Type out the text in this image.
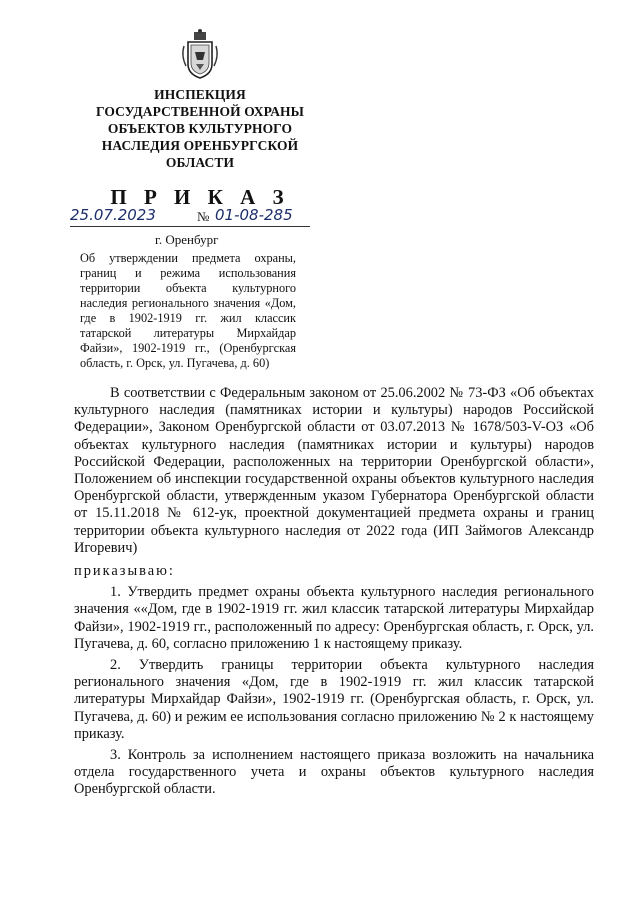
ИНСПЕКЦИЯ
ГОСУДАРСТВЕННОЙ ОХРАНЫ
ОБЪЕКТОВ КУЛЬТУРНОГО
НАСЛЕДИЯ ОРЕНБУРГСКОЙ
ОБЛАСТИ
П Р И К А З
25.07.2023	№ 01-08-285
г. Оренбург
Об утверждении предмета охраны, границ и режима использования территории объекта культурного наследия регионального значения «Дом, где в 1902-1919 гг. жил классик татарской литературы Мирхайдар Файзи», 1902-1919 гг., (Оренбургская область, г. Орск, ул. Пугачева, д. 60)

В соответствии с Федеральным законом от 25.06.2002 № 73-ФЗ «Об объектах культурного наследия (памятниках истории и культуры) народов Российской Федерации», Законом Оренбургской области от 03.07.2013 № 1678/503-V-ОЗ «Об объектах культурного наследия (памятниках истории и культуры) народов Российской Федерации, расположенных на территории Оренбургской области», Положением об инспекции государственной охраны объектов культурного наследия Оренбургской области, утвержденным указом Губернатора Оренбургской области от 15.11.2018 № 612-ук, проектной документацией предмета охраны и границ территории объекта культурного наследия от 2022 года (ИП Займогов Александр Игоревич)

приказываю:

1. Утвердить предмет охраны объекта культурного наследия регионального значения ««Дом, где в 1902-1919 гг. жил классик татарской литературы Мирхайдар Файзи», 1902-1919 гг., расположенный по адресу: Оренбургская область, г. Орск, ул. Пугачева, д. 60, согласно приложению 1 к настоящему приказу.

2. Утвердить границы территории объекта культурного наследия регионального значения «Дом, где в 1902-1919 гг. жил классик татарской литературы Мирхайдар Файзи», 1902-1919 гг. (Оренбургская область, г. Орск, ул. Пугачева, д. 60) и режим ее использования согласно приложению № 2 к настоящему приказу.

3. Контроль за исполнением настоящего приказа возложить на начальника отдела государственного учета и охраны объектов культурного наследия Оренбургской области.
